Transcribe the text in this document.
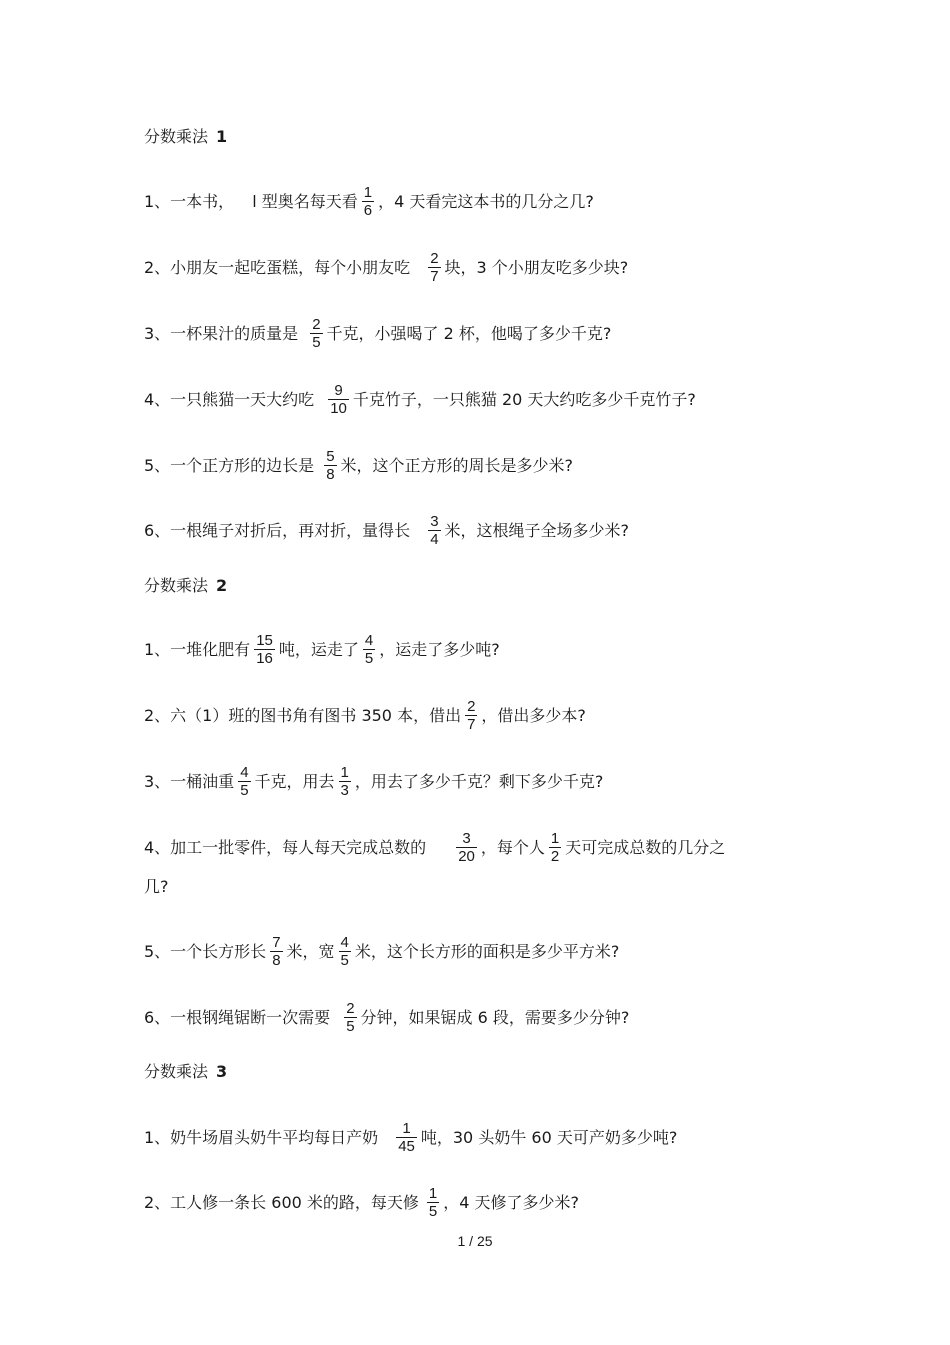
分数乘法 1
1、一本书， l 型奥名每天看 $\frac{1}{6}$ ，4 天看完这本书的几分之几?
2、小朋友一起吃蛋糕，每个小朋友吃 $\frac{2}{7}$ 块，3 个小朋友吃多少块?
3、一杯果汁的质量是 $\frac{2}{5}$ 千克，小强喝了 2 杯，他喝了多少千克?
4、一只熊猫一天大约吃 $\frac{9}{10}$ 千克竹子，一只熊猫 20 天大约吃多少千克竹子?
5、一个正方形的边长是 $\frac{5}{8}$ 米，这个正方形的周长是多少米?
6、一根绳子对折后，再对折，量得长 $\frac{3}{4}$ 米，这根绳子全场多少米?
分数乘法 2
1、一堆化肥有 $\frac{15}{16}$ 吨，运走了 $\frac{4}{5}$ ，运走了多少吨?
2、六（1）班的图书角有图书 350 本，借出 $\frac{2}{7}$ ，借出多少本?
3、一桶油重 $\frac{4}{5}$ 千克，用去 $\frac{1}{3}$ ，用去了多少千克？剩下多少千克?
4、加工一批零件，每人每天完成总数的 $\frac{3}{20}$ ，每个人 $\frac{1}{2}$ 天可完成总数的几分之
几?
5、一个长方形长 $\frac{7}{8}$ 米，宽 $\frac{4}{5}$ 米，这个长方形的面积是多少平方米?
6、一根钢绳锯断一次需要 $\frac{2}{5}$ 分钟，如果锯成 6 段，需要多少分钟?
分数乘法 3
1、奶牛场眉头奶牛平均每日产奶 $\frac{1}{45}$ 吨，30 头奶牛 60 天可产奶多少吨?
2、工人修一条长 600 米的路，每天修 $\frac{1}{5}$ ，4 天修了多少米?
1 / 25
